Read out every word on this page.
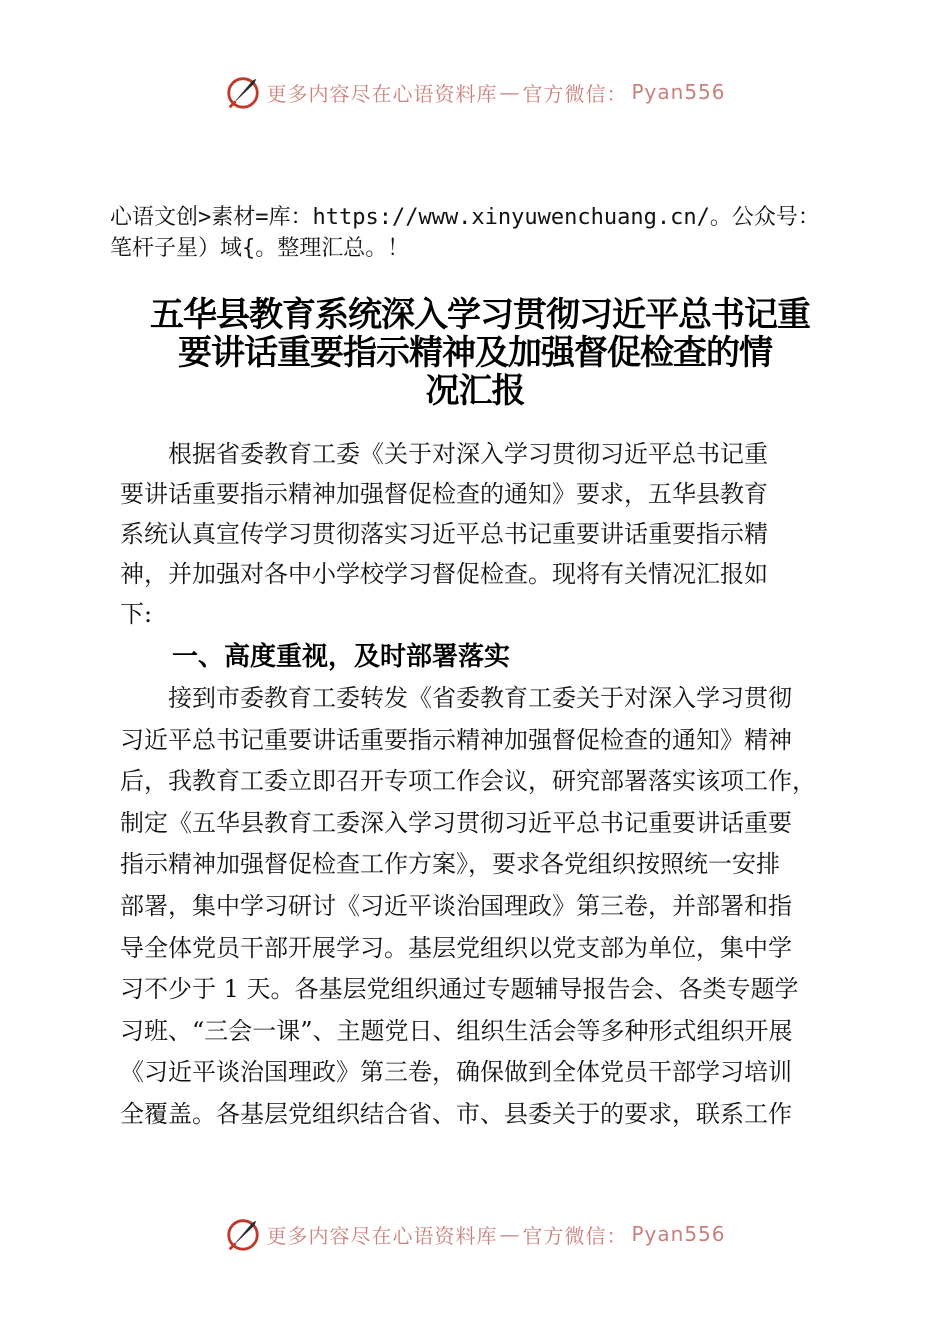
更多内容尽在心语资料库 — 官方微信： Pyan556
心语文创>素材=库：https://www.xinyuwenchuang.cn/。公众号：
笔杆子星）域{。整理汇总。！
五华县教育系统深入学习贯彻习近平总书记重
要讲话重要指示精神及加强督促检查的情
况汇报
　　根据省委教育工委《关于对深入学习贯彻习近平总书记重
要讲话重要指示精神加强督促检查的通知》要求，五华县教育
系统认真宣传学习贯彻落实习近平总书记重要讲话重要指示精
神，并加强对各中小学校学习督促检查。现将有关情况汇报如
下:
一、高度重视，及时部署落实
　　接到市委教育工委转发《省委教育工委关于对深入学习贯彻
习近平总书记重要讲话重要指示精神加强督促检查的通知》精神
后，我教育工委立即召开专项工作会议，研究部署落实该项工作，
制定《五华县教育工委深入学习贯彻习近平总书记重要讲话重要
指示精神加强督促检查工作方案》，要求各党组织按照统一安排
部署，集中学习研讨《习近平谈治国理政》第三卷，并部署和指
导全体党员干部开展学习。基层党组织以党支部为单位，集中学
习不少于 1 天。各基层党组织通过专题辅导报告会、各类专题学
习班、“三会一课”、主题党日、组织生活会等多种形式组织开展
《习近平谈治国理政》第三卷，确保做到全体党员干部学习培训
全覆盖。各基层党组织结合省、市、县委关于的要求，联系工作
更多内容尽在心语资料库 — 官方微信： Pyan556
